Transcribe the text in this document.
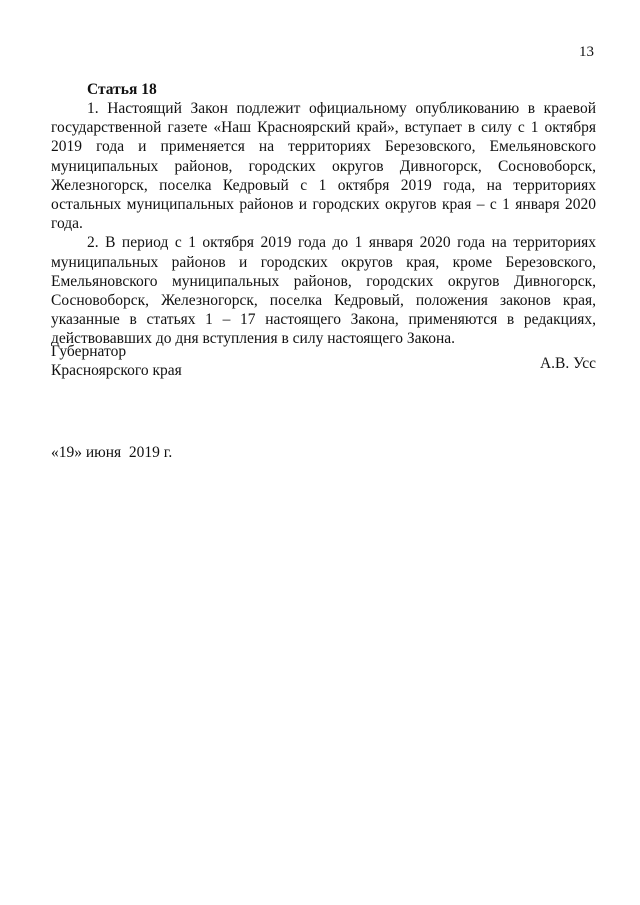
13

Статья 18

1. Настоящий Закон подлежит официальному опубликованию в краевой государственной газете «Наш Красноярский край», вступает в силу с 1 октября 2019 года и применяется на территориях Березовского, Емельяновского муниципальных районов, городских округов Дивногорск, Сосновоборск, Железногорск, поселка Кедровый с 1 октября 2019 года, на территориях остальных муниципальных районов и городских округов края – с 1 января 2020 года.

2. В период с 1 октября 2019 года до 1 января 2020 года на территориях муниципальных районов и городских округов края, кроме Березовского, Емельяновского муниципальных районов, городских округов Дивногорск, Сосновоборск, Железногорск, поселка Кедровый, положения законов края, указанные в статьях 1 – 17 настоящего Закона, применяются в редакциях, действовавших до дня вступления в силу настоящего Закона.

Губернатор
Красноярского края	А.В. Усс
«19» июня  2019 г.
